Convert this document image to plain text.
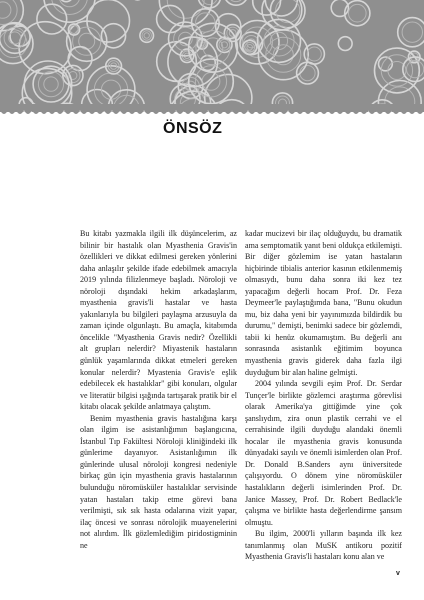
ÖNSÖZ

Bu kitabı yazmakla ilgili ilk düşüncelerim, az bilinir bir hastalık olan Myasthenia Gravis'in özellikleri ve dikkat edilmesi gereken yönlerini daha anlaşılır şekilde ifade edebilmek amacıyla 2019 yılında filizlenmeye başladı. Nöroloji ve nöroloji dışındaki hekim arkadaşlarım, myasthenia gravis'li hastalar ve hasta yakınlarıyla bu bilgileri paylaşma arzusuyla da zaman içinde olgunlaştı. Bu amaçla, kitabımda öncelikle "Myasthenia Gravis nedir? Özellikli alt grupları nelerdir? Miyastenik hastaların günlük yaşamlarında dikkat etmeleri gereken konular nelerdir? Myastenia Gravis'e eşlik edebilecek ek hastalıklar" gibi konuları, olgular ve literatür bilgisi ışığında tartışarak pratik bir el kitabı olacak şekilde anlatmaya çalıştım.

Benim myasthenia gravis hastalığına karşı olan ilgim ise asistanlığımın başlangıcına, İstanbul Tıp Fakültesi Nöroloji kliniğindeki ilk günlerime dayanıyor. Asistanlığımın ilk günlerinde ulusal nöroloji kongresi nedeniyle birkaç gün için myasthenia gravis hastalarının bulunduğu nöromüsküler hastalıklar servisinde yatan hastaları takip etme görevi bana verilmişti, sık sık hasta odalarına vizit yapar, ilaç öncesi ve sonrası nörolojik muayenelerini not alırdım. İlk gözlemlediğim piridostigminin ne

kadar mucizevi bir ilaç olduğuydu, bu dramatik ama semptomatik yanıt beni oldukça etkilemişti. Bir diğer gözlemim ise yatan hastaların hiçbirinde tibialis anterior kasının etkilenmemiş olmasıydı, bunu daha sonra iki kez tez yapacağım değerli hocam Prof. Dr. Feza Deymeer'le paylaştığımda bana, "Bunu okudun mu, biz daha yeni bir yayınımızda bildirdik bu durumu," demişti, benimki sadece bir gözlemdi, tabii ki henüz okumamıştım. Bu değerli anı sonrasında asistanlık eğitimim boyunca myasthenia gravis giderek daha fazla ilgi duyduğum bir alan haline gelmişti.

2004 yılında sevgili eşim Prof. Dr. Serdar Tunçer'le birlikte gözlemci araştırma görevlisi olarak Amerika'ya gittiğimde yine çok şanslıydım, zira onun plastik cerrahi ve el cerrahisinde ilgili duyduğu alandaki önemli hocalar ile myasthenia gravis konusunda dünyadaki sayılı ve önemli isimlerden olan Prof. Dr. Donald B.Sanders aynı üniversitede çalışıyordu. O dönem yine nöromüsküler hastalıkların değerli isimlerinden Prof. Dr. Janice Massey, Prof. Dr. Robert Bedlack'le çalışma ve birlikte hasta değerlendirme şansım olmuştu.

Bu ilgim, 2000'li yılların başında ilk kez tanımlanmış olan MuSK antikoru pozitif Myasthenia Gravis'li hastaları konu alan ve

v
